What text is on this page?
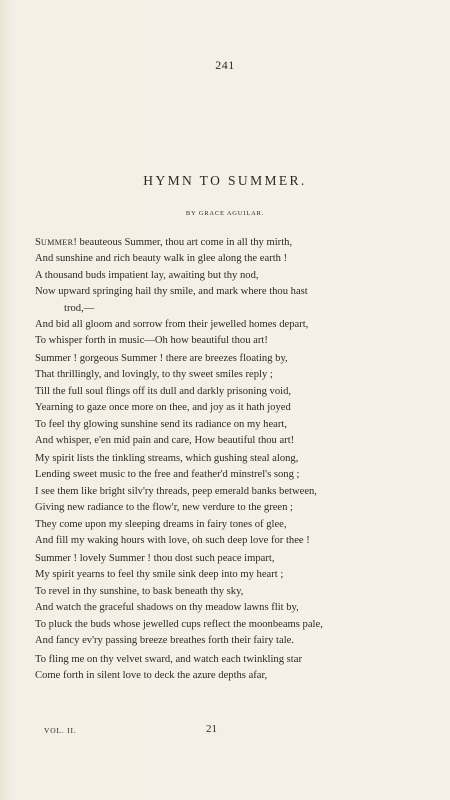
241
HYMN TO SUMMER.
BY GRACE AGUILAR.
SUMMER! beauteous Summer, thou art come in all thy mirth,
And sunshine and rich beauty walk in glee along the earth !
A thousand buds impatient lay, awaiting but thy nod,
Now upward springing hail thy smile, and mark where thou hast
trod,—
And bid all gloom and sorrow from their jewelled homes depart,
To whisper forth in music—Oh how beautiful thou art!
Summer ! gorgeous Summer ! there are breezes floating by,
That thrillingly, and lovingly, to thy sweet smiles reply ;
Till the full soul flings off its dull and darkly prisoning void,
Yearning to gaze once more on thee, and joy as it hath joyed
To feel thy glowing sunshine send its radiance on my heart,
And whisper, e'en mid pain and care, How beautiful thou art!
My spirit lists the tinkling streams, which gushing steal along,
Lending sweet music to the free and feather'd minstrel's song ;
I see them like bright silv'ry threads, peep emerald banks between,
Giving new radiance to the flow'r, new verdure to the green ;
They come upon my sleeping dreams in fairy tones of glee,
And fill my waking hours with love, oh such deep love for thee !
Summer ! lovely Summer ! thou dost such peace impart,
My spirit yearns to feel thy smile sink deep into my heart ;
To revel in thy sunshine, to bask beneath thy sky,
And watch the graceful shadows on thy meadow lawns flit by,
To pluck the buds whose jewelled cups reflect the moonbeams pale,
And fancy ev'ry passing breeze breathes forth their fairy tale.
To fling me on thy velvet sward, and watch each twinkling star
Come forth in silent love to deck the azure depths afar,
VOL. II.	21
